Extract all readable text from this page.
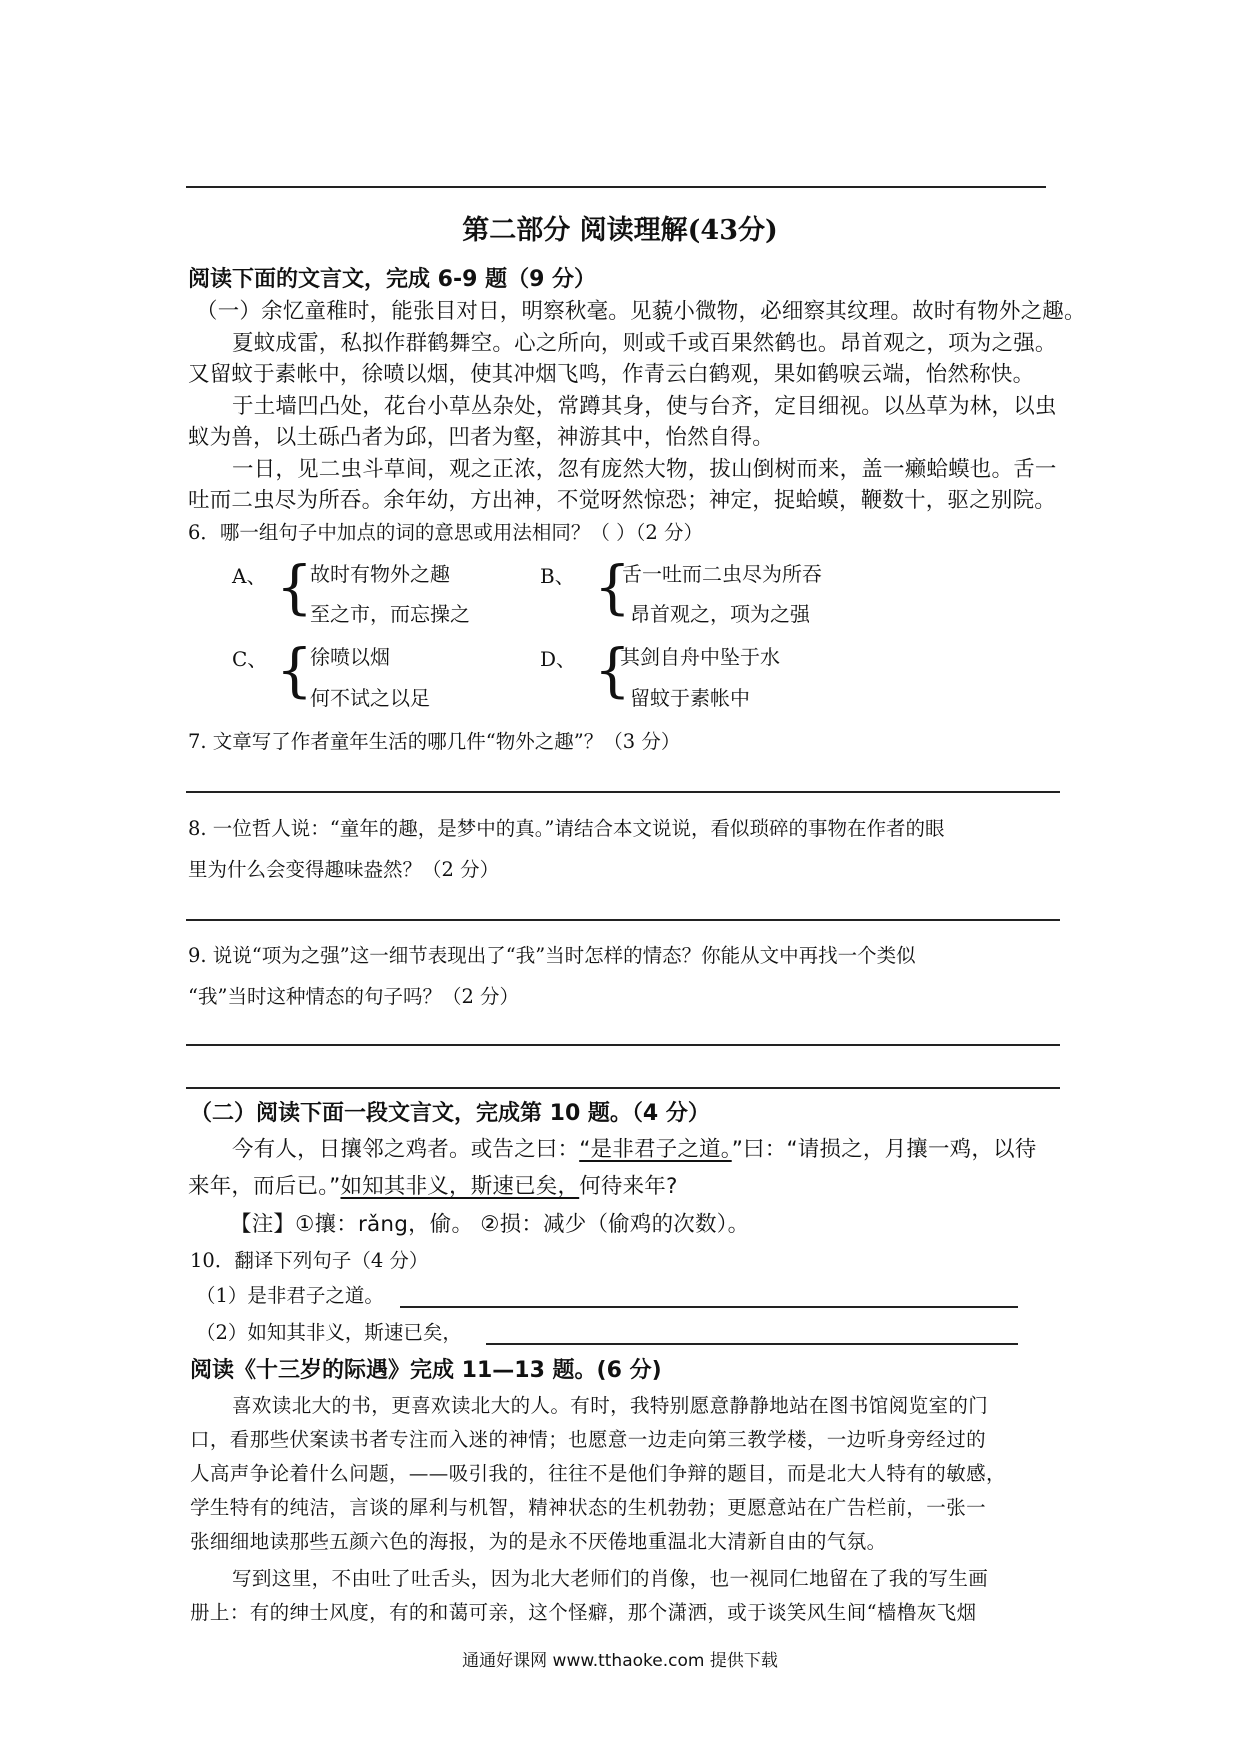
第二部分 阅读理解(43分)
阅读下面的文言文，完成 6-9 题（9 分）
（一）余忆童稚时，能张目对日，明察秋毫。见藐小微物，必细察其纹理。故时有物外之趣。
夏蚊成雷，私拟作群鹤舞空。心之所向，则或千或百果然鹤也。昂首观之，项为之强。
又留蚊于素帐中，徐喷以烟，使其冲烟飞鸣，作青云白鹤观，果如鹤唳云端，怡然称快。
于土墙凹凸处，花台小草丛杂处，常蹲其身，使与台齐，定目细视。以丛草为林，以虫
蚁为兽，以土砾凸者为邱，凹者为壑，神游其中，怡然自得。
一日，见二虫斗草间，观之正浓，忽有庞然大物，拔山倒树而来，盖一癞蛤蟆也。舌一
吐而二虫尽为所吞。余年幼，方出神，不觉呀然惊恐；神定，捉蛤蟆，鞭数十，驱之别院。
6．哪一组句子中加点的词的意思或用法相同？（ ）（2 分）
A、 {
故时有物外之趣
至之市，而忘操之
B、 {
舌一吐而二虫尽为所吞
昂首观之，项为之强
C、 {
徐喷以烟
何不试之以足
D、 {
其剑自舟中坠于水
留蚊于素帐中
7. 文章写了作者童年生活的哪几件“物外之趣”？（3 分）
8. 一位哲人说：“童年的趣，是梦中的真。”请结合本文说说，看似琐碎的事物在作者的眼
里为什么会变得趣味盎然？（2 分）
9. 说说“项为之强”这一细节表现出了“我”当时怎样的情态？你能从文中再找一个类似
“我”当时这种情态的句子吗？（2 分）
（二）阅读下面一段文言文，完成第 10 题。（4 分）
今有人，日攘邻之鸡者。或告之曰：“是非君子之道。”曰：“请损之，月攘一鸡，以待
来年，而后已。”如知其非义，斯速已矣，何待来年?
【注】①攘：rǎng，偷。 ②损：减少（偷鸡的次数）。
10．翻译下列句子（4 分）
（1）是非君子之道。
（2）如知其非义，斯速已矣，
阅读《十三岁的际遇》完成 11—13 题。(6 分)
喜欢读北大的书，更喜欢读北大的人。有时，我特别愿意静静地站在图书馆阅览室的门
口，看那些伏案读书者专注而入迷的神情；也愿意一边走向第三教学楼，一边听身旁经过的
人高声争论着什么问题，——吸引我的，往往不是他们争辩的题目，而是北大人特有的敏感，
学生特有的纯洁，言谈的犀利与机智，精神状态的生机勃勃；更愿意站在广告栏前，一张一
张细细地读那些五颜六色的海报，为的是永不厌倦地重温北大清新自由的气氛。
写到这里，不由吐了吐舌头，因为北大老师们的肖像，也一视同仁地留在了我的写生画
册上：有的绅士风度，有的和蔼可亲，这个怪癖，那个潇洒，或于谈笑风生间“樯橹灰飞烟
通通好课网 www.tthaoke.com 提供下载
